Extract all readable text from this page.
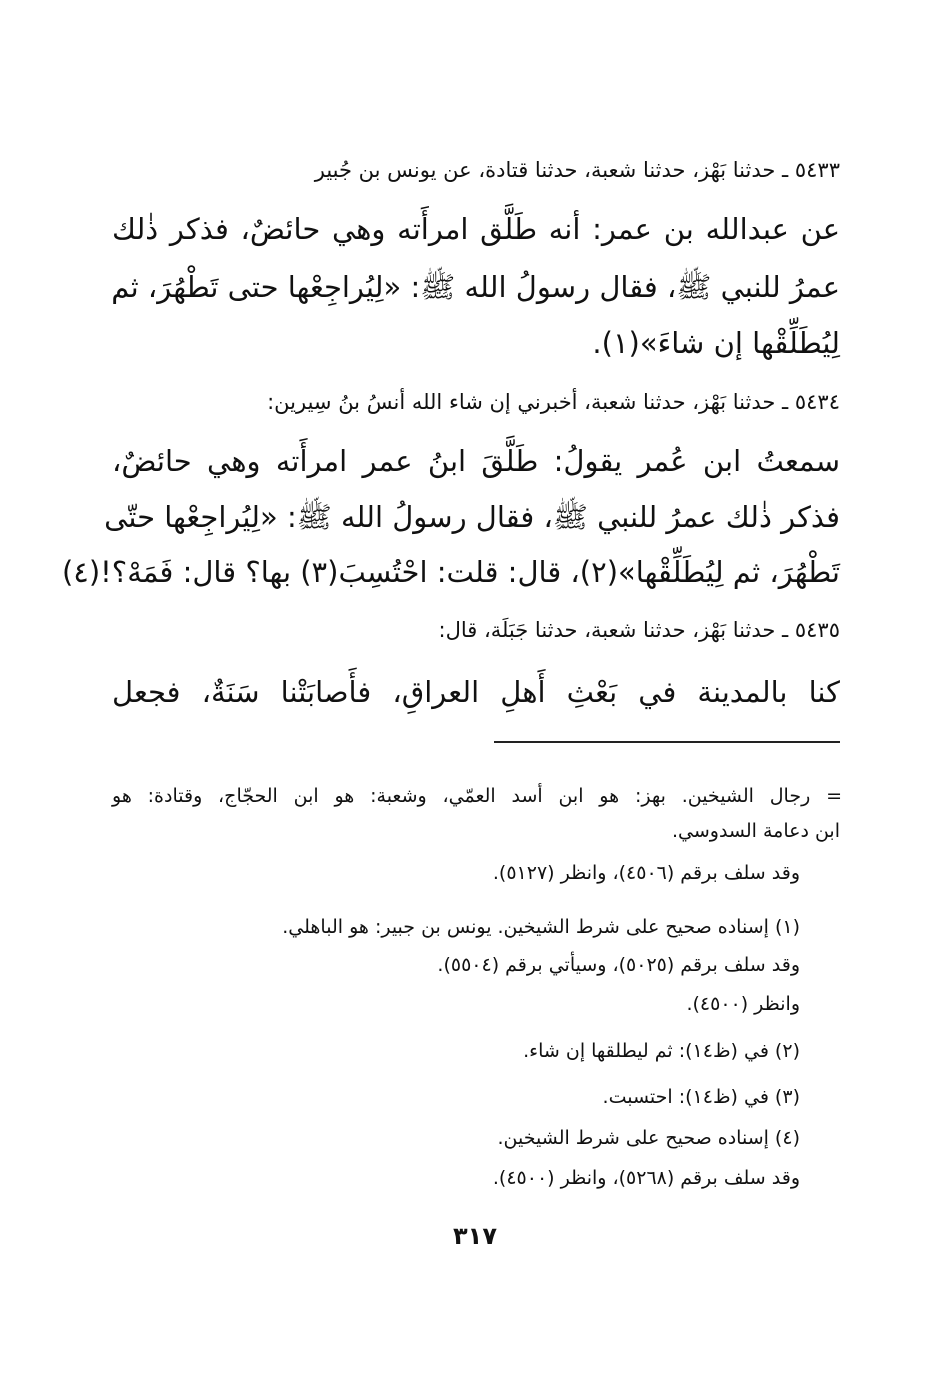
٥٤٣٣ ـ حدثنا بَهْز، حدثنا شعبة، حدثنا قتادة، عن يونس بن جُبير
عن عبدالله بن عمر: أنه طَلَّق امرأَته وهي حائضٌ، فذكر ذٰلك
عمرُ للنبي ﷺ، فقال رسولُ الله ﷺ: «لِيُراجِعْها حتى تَطْهُرَ، ثم
لِيُطَلِّقْها إن شاءَ»(١).
٥٤٣٤ ـ حدثنا بَهْز، حدثنا شعبة، أخبرني إن شاء الله أنسُ بنُ سِيرين:
سمعتُ ابن عُمر يقولُ: طَلَّقَ ابنُ عمر امرأَته وهي حائضٌ،
فذكر ذٰلك عمرُ للنبي ﷺ، فقال رسولُ الله ﷺ: «لِيُراجِعْها حتّى
تَطْهُرَ، ثم لِيُطَلِّقْها»(٢)، قال: قلت: احْتُسِبَ(٣) بها؟ قال: فَمَهْ؟!(٤)
٥٤٣٥ ـ حدثنا بَهْز، حدثنا شعبة، حدثنا جَبَلَة، قال:
كنا بالمدينة في بَعْثِ أَهلِ العراقِ، فأَصابَتْنا سَنَةٌ، فجعل
= رجال الشيخين. بهز: هو ابن أسد العمّي، وشعبة: هو ابن الحجّاج، وقتادة: هو
ابن دعامة السدوسي.
وقد سلف برقم (٤٥٠٦)، وانظر (٥١٢٧).
(١) إسناده صحيح على شرط الشيخين. يونس بن جبير: هو الباهلي.
وقد سلف برقم (٥٠٢٥)، وسيأتي برقم (٥٥٠٤).
وانظر (٤٥٠٠).
(٢) في (ظ١٤): ثم ليطلقها إن شاء.
(٣) في (ظ١٤): احتسبت.
(٤) إسناده صحيح على شرط الشيخين.
وقد سلف برقم (٥٢٦٨)، وانظر (٤٥٠٠).
٣١٧
